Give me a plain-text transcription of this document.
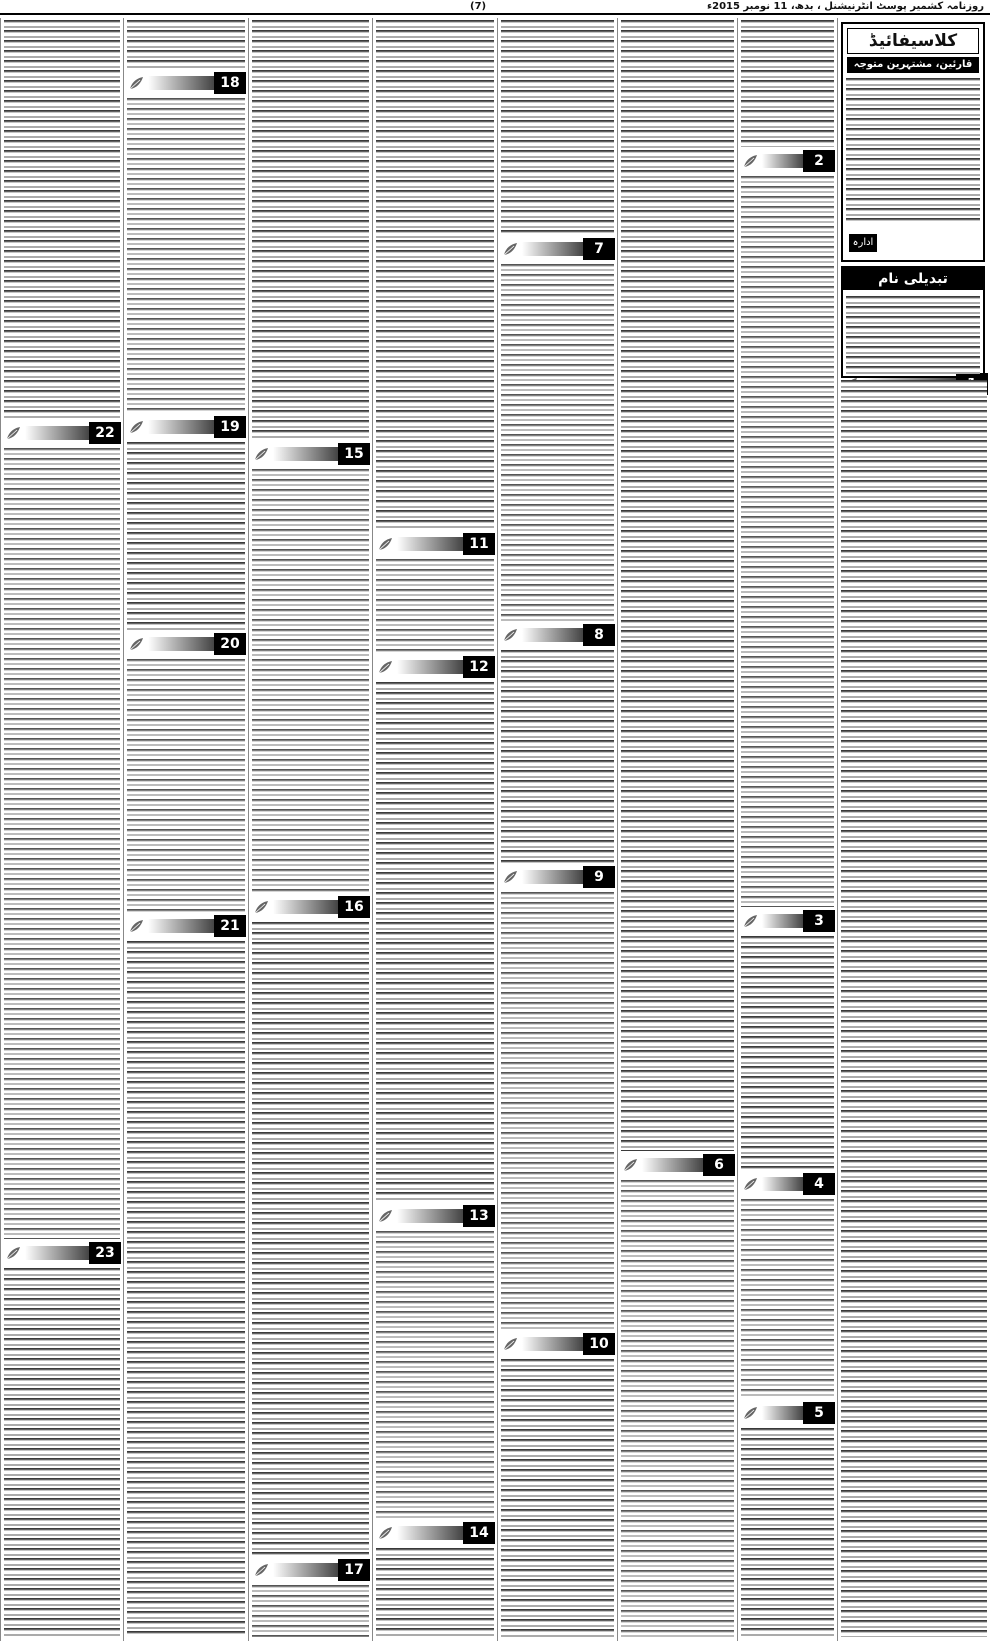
(7)	روزنامہ کشمیر پوسٹ انٹرنیشنل ، بدھ، 11 نومبر 2015ء
کلاسیفائیڈ
قارئین، مشتہرین متوجہ
ادارہ
تبدیلی نام
2
3
4
5
6
7
8
9
10
11
12
13
14
15
16
17
18
19
20
21
22
23
